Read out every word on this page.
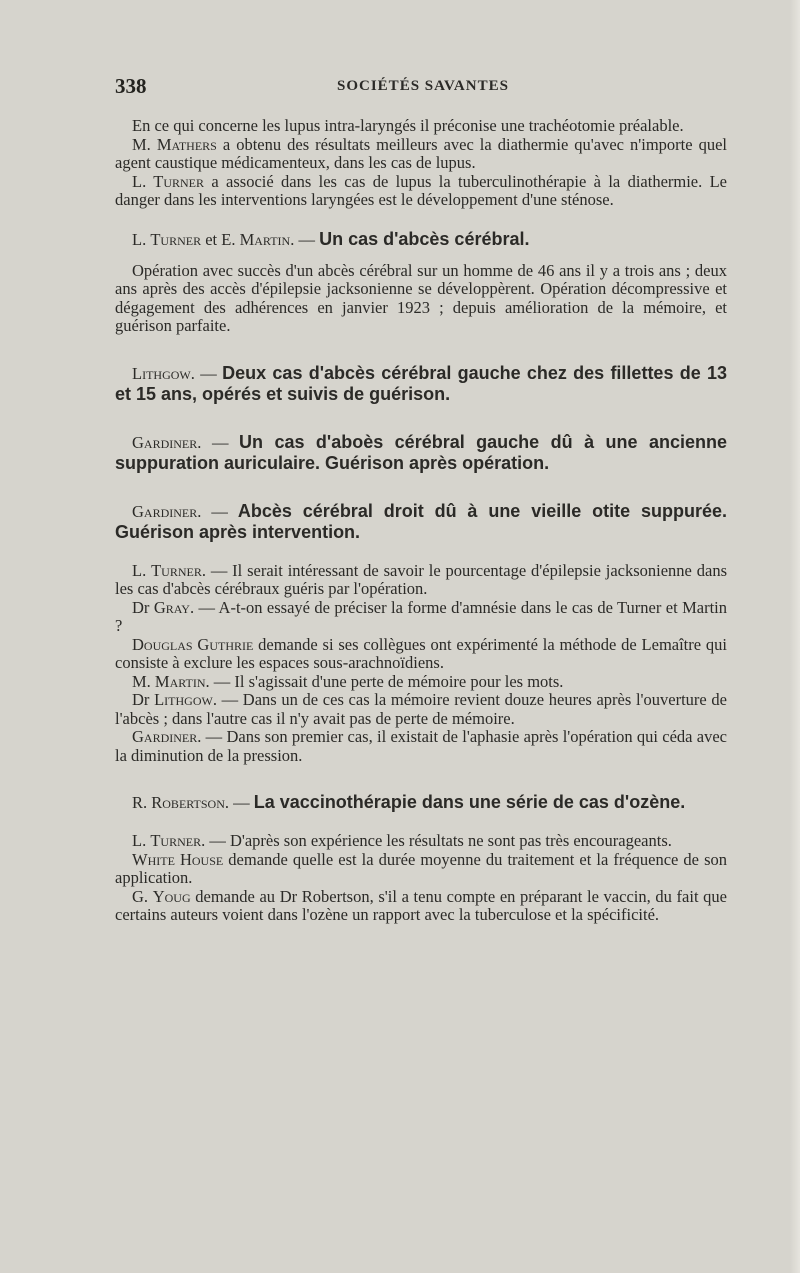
338	SOCIÉTÉS SAVANTES

En ce qui concerne les lupus intra-laryngés il préconise une trachéotomie préalable.

M. Mathers a obtenu des résultats meilleurs avec la diathermie qu'avec n'importe quel agent caustique médicamenteux, dans les cas de lupus.

L. Turner a associé dans les cas de lupus la tuberculinothérapie à la diathermie. Le danger dans les interventions laryngées est le développement d'une sténose.

L. Turner et E. Martin. — Un cas d'abcès cérébral.

Opération avec succès d'un abcès cérébral sur un homme de 46 ans il y a trois ans ; deux ans après des accès d'épilepsie jacksonienne se développèrent. Opération décompressive et dégagement des adhérences en janvier 1923 ; depuis amélioration de la mémoire, et guérison parfaite.

Lithgow. — Deux cas d'abcès cérébral gauche chez des fillettes de 13 et 15 ans, opérés et suivis de guérison.

Gardiner. — Un cas d'aboès cérébral gauche dû à une ancienne suppuration auriculaire. Guérison après opération.

Gardiner. — Abcès cérébral droit dû à une vieille otite suppurée. Guérison après intervention.

L. Turner. — Il serait intéressant de savoir le pourcentage d'épilepsie jacksonienne dans les cas d'abcès cérébraux guéris par l'opération.

Dr Gray. — A-t-on essayé de préciser la forme d'amnésie dans le cas de Turner et Martin ?

Douglas Guthrie demande si ses collègues ont expérimenté la méthode de Lemaître qui consiste à exclure les espaces sous-arachnoïdiens.

M. Martin. — Il s'agissait d'une perte de mémoire pour les mots.

Dr Lithgow. — Dans un de ces cas la mémoire revient douze heures après l'ouverture de l'abcès ; dans l'autre cas il n'y avait pas de perte de mémoire.

Gardiner. — Dans son premier cas, il existait de l'aphasie après l'opération qui céda avec la diminution de la pression.

R. Robertson. — La vaccinothérapie dans une série de cas d'ozène.

L. Turner. — D'après son expérience les résultats ne sont pas très encourageants.

White House demande quelle est la durée moyenne du traitement et la fréquence de son application.

G. Youg demande au Dr Robertson, s'il a tenu compte en préparant le vaccin, du fait que certains auteurs voient dans l'ozène un rapport avec la tuberculose et la spécificité.
